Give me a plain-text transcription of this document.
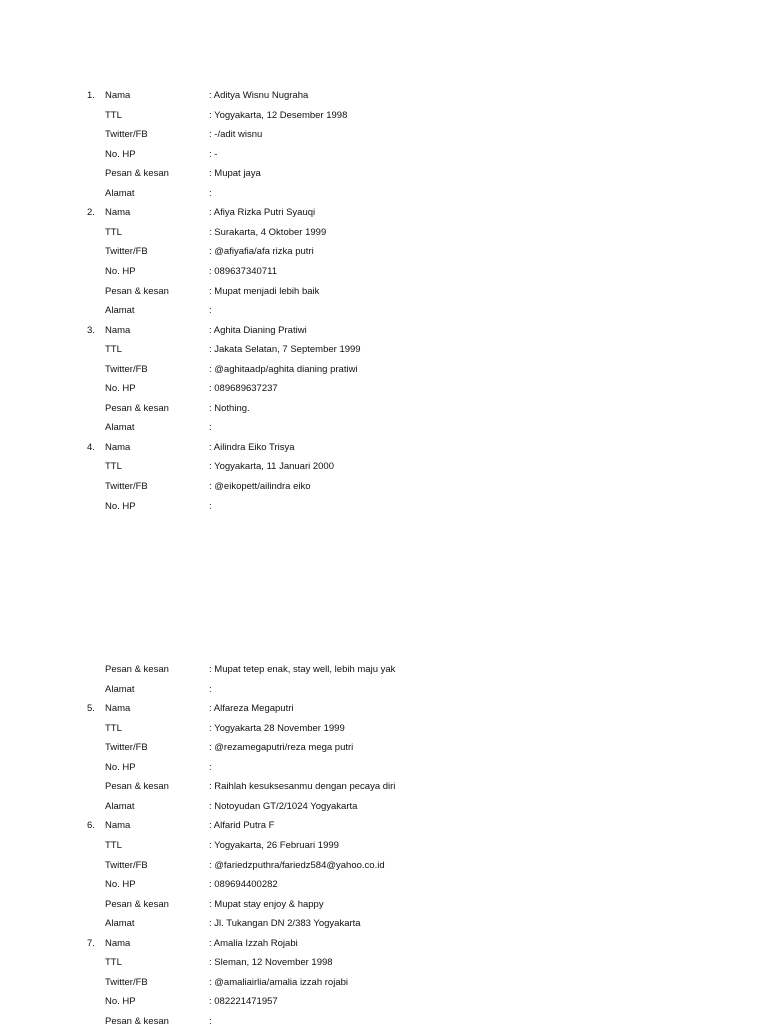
1. Nama	: Aditya Wisnu Nugraha
TTL	: Yogyakarta, 12 Desember 1998
Twitter/FB	: -/adit wisnu
No. HP	: -
Pesan & kesan	: Mupat jaya
Alamat	:
2. Nama	: Afiya Rizka Putri Syauqi
TTL	: Surakarta, 4 Oktober 1999
Twitter/FB	: @afiyafia/afa rizka putri
No. HP	: 089637340711
Pesan & kesan	: Mupat menjadi lebih baik
Alamat	:
3. Nama	: Aghita Dianing Pratiwi
TTL	: Jakata Selatan, 7 September 1999
Twitter/FB	: @aghitaadp/aghita dianing pratiwi
No. HP	: 089689637237
Pesan & kesan	: Nothing.
Alamat	:
4. Nama	: Ailindra Eiko Trisya
TTL	: Yogyakarta, 11 Januari 2000
Twitter/FB	: @eikopett/ailindra eiko
No. HP	:
Pesan & kesan	: Mupat tetep enak, stay well, lebih maju yak
Alamat	:
5. Nama	: Alfareza Megaputri
TTL	: Yogyakarta 28 November 1999
Twitter/FB	: @rezamegaputri/reza mega putri
No. HP	:
Pesan & kesan	: Raihlah kesuksesanmu dengan pecaya diri
Alamat	: Notoyudan GT/2/1024 Yogyakarta
6. Nama	: Alfarid Putra F
TTL	: Yogyakarta, 26 Februari 1999
Twitter/FB	: @fariedzputhra/fariedz584@yahoo.co.id
No. HP	: 089694400282
Pesan & kesan	: Mupat stay enjoy & happy
Alamat	: Jl. Tukangan DN 2/383 Yogyakarta
7. Nama	: Amalia Izzah Rojabi
TTL	: Sleman, 12 November 1998
Twitter/FB	: @amaliairlia/amalia izzah rojabi
No. HP	: 082221471957
Pesan & kesan	:
